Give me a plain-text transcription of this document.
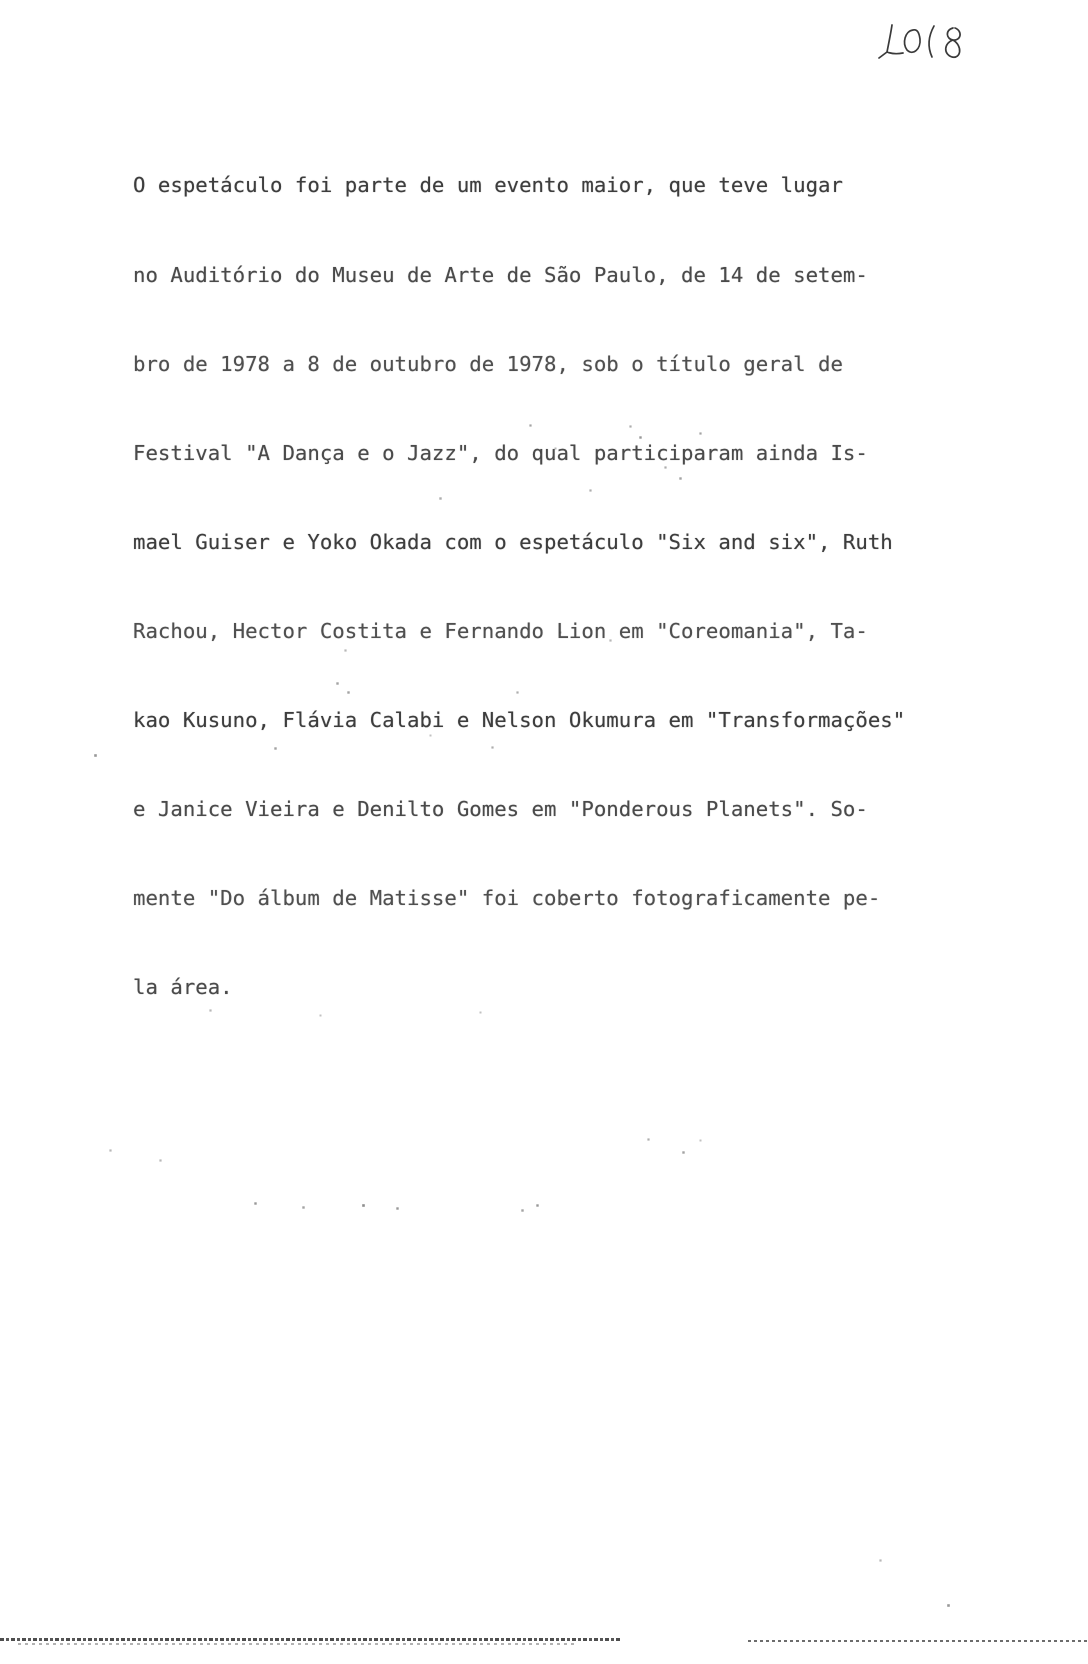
O espetáculo foi parte de um evento maior, que teve lugar

no Auditório do Museu de Arte de São Paulo, de 14 de setem-

bro de 1978 a 8 de outubro de 1978, sob o título geral de

Festival "A Dança e o Jazz", do qual participaram ainda Is-

mael Guiser e Yoko Okada com o espetáculo "Six and six", Ruth

Rachou, Hector Costita e Fernando Lion em "Coreomania", Ta-

kao Kusuno, Flávia Calabi e Nelson Okumura em "Transformações"

e Janice Vieira e Denilto Gomes em "Ponderous Planets". So-

mente "Do álbum de Matisse" foi coberto fotograficamente pe-

la área.
